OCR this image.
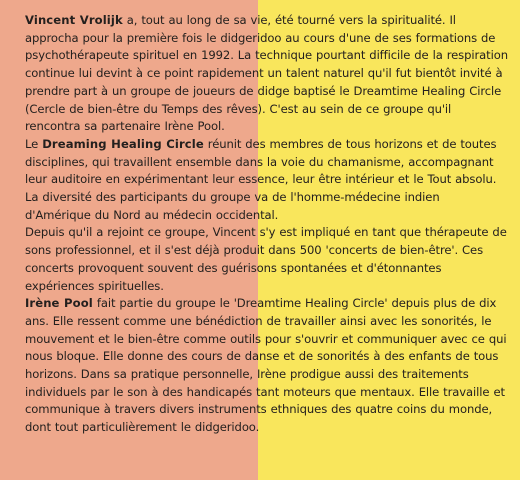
Vincent Vrolijk a, tout au long de sa vie, été tourné vers la spiritualité. Il approcha pour la première fois le didgeridoo au cours d'une de ses formations de psychothérapeute spirituel en 1992. La technique pourtant difficile de la respiration continue lui devint à ce point rapidement un talent naturel qu'il fut bientôt invité à prendre part à un groupe de joueurs de didge baptisé le Dreamtime Healing Circle (Cercle de bien-être du Temps des rêves). C'est au sein de ce groupe qu'il rencontra sa partenaire Irène Pool.

Le Dreaming Healing Circle réunit des membres de tous horizons et de toutes disciplines, qui travaillent ensemble dans la voie du chamanisme, accompagnant leur auditoire en expérimentant leur essence, leur être intérieur et le Tout absolu. La diversité des participants du groupe va de l'homme-médecine indien d'Amérique du Nord au médecin occidental.

Depuis qu'il a rejoint ce groupe, Vincent s'y est impliqué en tant que thérapeute de sons professionnel, et il s'est déjà produit dans 500 'concerts de bien-être'. Ces concerts provoquent souvent des guérisons spontanées et d'étonnantes expériences spirituelles.

Irène Pool fait partie du groupe le 'Dreamtime Healing Circle' depuis plus de dix ans. Elle ressent comme une bénédiction de travailler ainsi avec les sonorités, le mouvement et le bien-être comme outils pour s'ouvrir et communiquer avec ce qui nous bloque. Elle donne des cours de danse et de sonorités à des enfants de tous horizons. Dans sa pratique personnelle, Irène prodigue aussi des traitements individuels par le son à des handicapés tant moteurs que mentaux. Elle travaille et communique à travers divers instruments ethniques des quatre coins du monde, dont tout particulièrement le didgeridoo.
